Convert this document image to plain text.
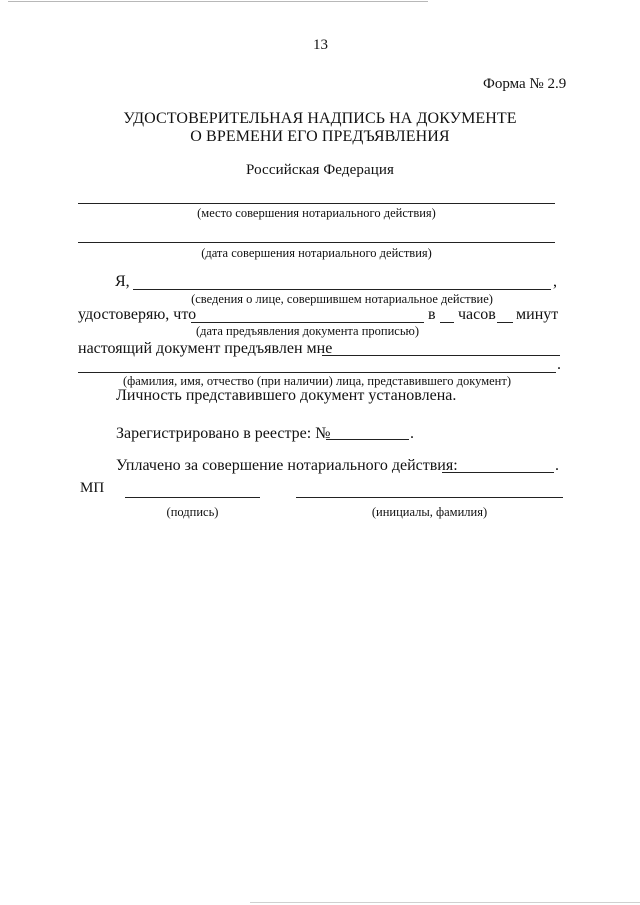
13
Форма № 2.9
УДОСТОВЕРИТЕЛЬНАЯ НАДПИСЬ НА ДОКУМЕНТЕ
О ВРЕМЕНИ ЕГО ПРЕДЪЯВЛЕНИЯ
Российская Федерация
(место совершения нотариального действия)
(дата совершения нотариального действия)
Я,	,
(сведения о лице, совершившем нотариальное действие)
удостоверяю, что	в часов минут
(дата предъявления документа прописью)
настоящий документ предъявлен мне
.
(фамилия, имя, отчество (при наличии) лица, представившего документ)
Личность представившего документ установлена.
Зарегистрировано в реестре: №	.
Уплачено за совершение нотариального действия:	.
МП
(подпись)	(инициалы, фамилия)
